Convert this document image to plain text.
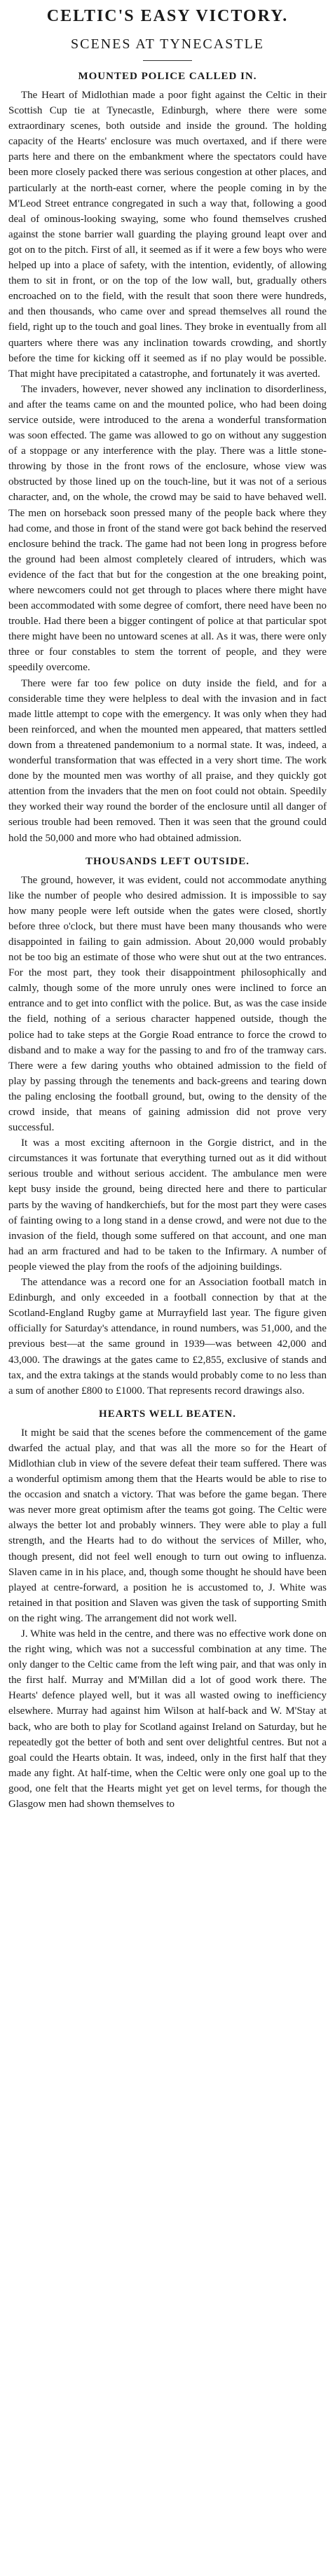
CELTIC'S EASY VICTORY.
SCENES AT TYNECASTLE
MOUNTED POLICE CALLED IN.

The Heart of Midlothian made a poor fight against the Celtic in their Scottish Cup tie at Tynecastle, Edinburgh, where there were some extraordinary scenes, both outside and inside the ground. The holding capacity of the Hearts' enclosure was much overtaxed, and if there were parts here and there on the embankment where the spectators could have been more closely packed there was serious congestion at other places, and particularly at the north-east corner, where the people coming in by the M'Leod Street entrance congregated in such a way that, following a good deal of ominous-looking swaying, some who found themselves crushed against the stone barrier wall guarding the playing ground leapt over and got on to the pitch. First of all, it seemed as if it were a few boys who were helped up into a place of safety, with the intention, evidently, of allowing them to sit in front, or on the top of the low wall, but, gradually others encroached on to the field, with the result that soon there were hundreds, and then thousands, who came over and spread themselves all round the field, right up to the touch and goal lines. They broke in eventually from all quarters where there was any inclination towards crowding, and shortly before the time for kicking off it seemed as if no play would be possible. That might have precipitated a catastrophe, and fortunately it was averted.

The invaders, however, never showed any inclination to disorderliness, and after the teams came on and the mounted police, who had been doing service outside, were introduced to the arena a wonderful transformation was soon effected. The game was allowed to go on without any suggestion of a stoppage or any interference with the play. There was a little stone-throwing by those in the front rows of the enclosure, whose view was obstructed by those lined up on the touch-line, but it was not of a serious character, and, on the whole, the crowd may be said to have behaved well. The men on horseback soon pressed many of the people back where they had come, and those in front of the stand were got back behind the reserved enclosure behind the track. The game had not been long in progress before the ground had been almost completely cleared of intruders, which was evidence of the fact that but for the congestion at the one breaking point, where newcomers could not get through to places where there might have been accommodated with some degree of comfort, there need have been no trouble. Had there been a bigger contingent of police at that particular spot there might have been no untoward scenes at all. As it was, there were only three or four constables to stem the torrent of people, and they were speedily overcome.

There were far too few police on duty inside the field, and for a considerable time they were helpless to deal with the invasion and in fact made little attempt to cope with the emergency. It was only when they had been reinforced, and when the mounted men appeared, that matters settled down from a threatened pandemonium to a normal state. It was, indeed, a wonderful transformation that was effected in a very short time. The work done by the mounted men was worthy of all praise, and they quickly got attention from the invaders that the men on foot could not obtain. Speedily they worked their way round the border of the enclosure until all danger of serious trouble had been removed. Then it was seen that the ground could hold the 50,000 and more who had obtained admission.

THOUSANDS LEFT OUTSIDE.

The ground, however, it was evident, could not accommodate anything like the number of people who desired admission. It is impossible to say how many people were left outside when the gates were closed, shortly before three o'clock, but there must have been many thousands who were disappointed in failing to gain admission. About 20,000 would probably not be too big an estimate of those who were shut out at the two entrances. For the most part, they took their disappointment philosophically and calmly, though some of the more unruly ones were inclined to force an entrance and to get into conflict with the police. But, as was the case inside the field, nothing of a serious character happened outside, though the police had to take steps at the Gorgie Road entrance to force the crowd to disband and to make a way for the passing to and fro of the tramway cars. There were a few daring youths who obtained admission to the field of play by passing through the tenements and back-greens and tearing down the paling enclosing the football ground, but, owing to the density of the crowd inside, that means of gaining admission did not prove very successful.

It was a most exciting afternoon in the Gorgie district, and in the circumstances it was fortunate that everything turned out as it did without serious trouble and without serious accident. The ambulance men were kept busy inside the ground, being directed here and there to particular parts by the waving of handkerchiefs, but for the most part they were cases of fainting owing to a long stand in a dense crowd, and were not due to the invasion of the field, though some suffered on that account, and one man had an arm fractured and had to be taken to the Infirmary. A number of people viewed the play from the roofs of the adjoining buildings.

The attendance was a record one for an Association football match in Edinburgh, and only exceeded in a football connection by that at the Scotland-England Rugby game at Murrayfield last year. The figure given officially for Saturday's attendance, in round numbers, was 51,000, and the previous best—at the same ground in 1939—was between 42,000 and 43,000. The drawings at the gates came to £2,855, exclusive of stands and tax, and the extra takings at the stands would probably come to no less than a sum of another £800 to £1000. That represents record drawings also.

HEARTS WELL BEATEN.

It might be said that the scenes before the commencement of the game dwarfed the actual play, and that was all the more so for the Heart of Midlothian club in view of the severe defeat their team suffered. There was a wonderful optimism among them that the Hearts would be able to rise to the occasion and snatch a victory. That was before the game began. There was never more great optimism after the teams got going. The Celtic were always the better lot and probably winners. They were able to play a full strength, and the Hearts had to do without the services of Miller, who, though present, did not feel well enough to turn out owing to influenza. Slaven came in in his place, and, though some thought he should have been played at centre-forward, a position he is accustomed to, J. White was retained in that position and Slaven was given the task of supporting Smith on the right wing. The arrangement did not work well.

J. White was held in the centre, and there was no effective work done on the right wing, which was not a successful combination at any time. The only danger to the Celtic came from the left wing pair, and that was only in the first half. Murray and M'Millan did a lot of good work there. The Hearts' defence played well, but it was all wasted owing to inefficiency elsewhere. Murray had against him Wilson at half-back and W. M'Stay at back, who are both to play for Scotland against Ireland on Saturday, but he repeatedly got the better of both and sent over delightful centres. But not a goal could the Hearts obtain. It was, indeed, only in the first half that they made any fight. At half-time, when the Celtic were only one goal up to the good, one felt that the Hearts might yet get on level terms, for though the Glasgow men had shown themselves to
